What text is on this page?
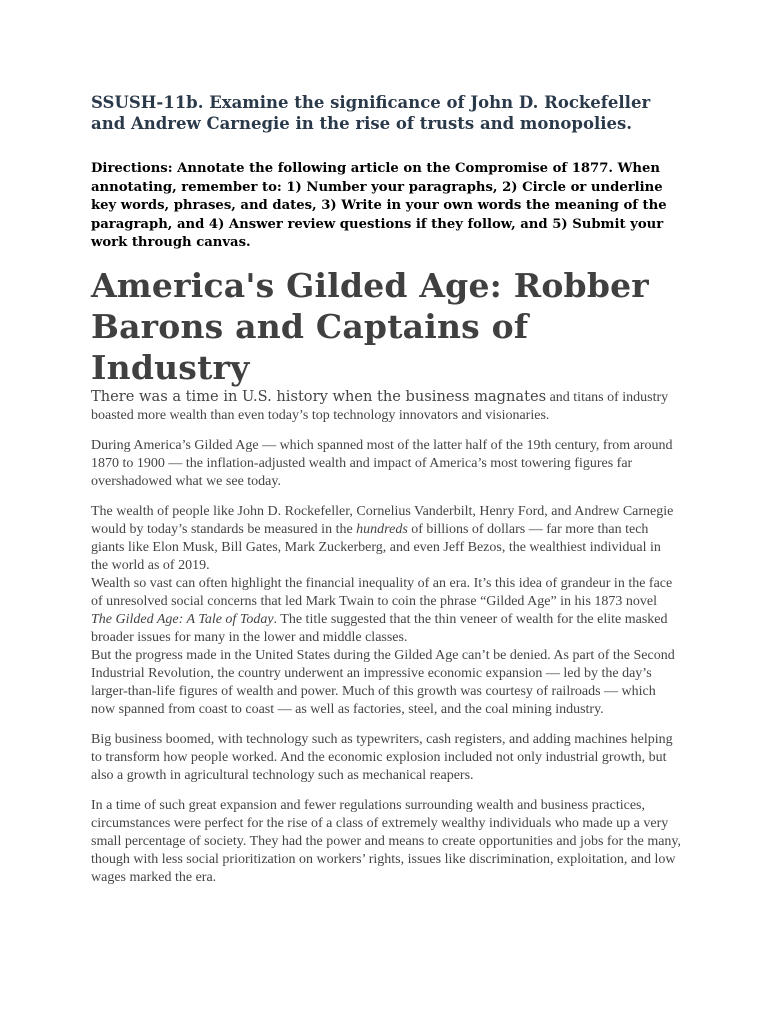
SSUSH-11b. Examine the significance of John D. Rockefeller and Andrew Carnegie in the rise of trusts and monopolies.

Directions: Annotate the following article on the Compromise of 1877. When annotating, remember to: 1) Number your paragraphs, 2) Circle or underline key words, phrases, and dates, 3) Write in your own words the meaning of the paragraph, and 4) Answer review questions if they follow, and 5) Submit your work through canvas.

America's Gilded Age: Robber Barons and Captains of Industry

There was a time in U.S. history when the business magnates and titans of industry boasted more wealth than even today’s top technology innovators and visionaries.

During America’s Gilded Age — which spanned most of the latter half of the 19th century, from around 1870 to 1900 — the inflation-adjusted wealth and impact of America’s most towering figures far overshadowed what we see today.

The wealth of people like John D. Rockefeller, Cornelius Vanderbilt, Henry Ford, and Andrew Carnegie would by today’s standards be measured in the hundreds of billions of dollars — far more than tech giants like Elon Musk, Bill Gates, Mark Zuckerberg, and even Jeff Bezos, the wealthiest individual in the world as of 2019.

Wealth so vast can often highlight the financial inequality of an era. It’s this idea of grandeur in the face of unresolved social concerns that led Mark Twain to coin the phrase “Gilded Age” in his 1873 novel The Gilded Age: A Tale of Today. The title suggested that the thin veneer of wealth for the elite masked broader issues for many in the lower and middle classes.

But the progress made in the United States during the Gilded Age can’t be denied. As part of the Second Industrial Revolution, the country underwent an impressive economic expansion — led by the day’s larger-than-life figures of wealth and power. Much of this growth was courtesy of railroads — which now spanned from coast to coast — as well as factories, steel, and the coal mining industry.

Big business boomed, with technology such as typewriters, cash registers, and adding machines helping to transform how people worked. And the economic explosion included not only industrial growth, but also a growth in agricultural technology such as mechanical reapers.

In a time of such great expansion and fewer regulations surrounding wealth and business practices, circumstances were perfect for the rise of a class of extremely wealthy individuals who made up a very small percentage of society. They had the power and means to create opportunities and jobs for the many, though with less social prioritization on workers’ rights, issues like discrimination, exploitation, and low wages marked the era.
